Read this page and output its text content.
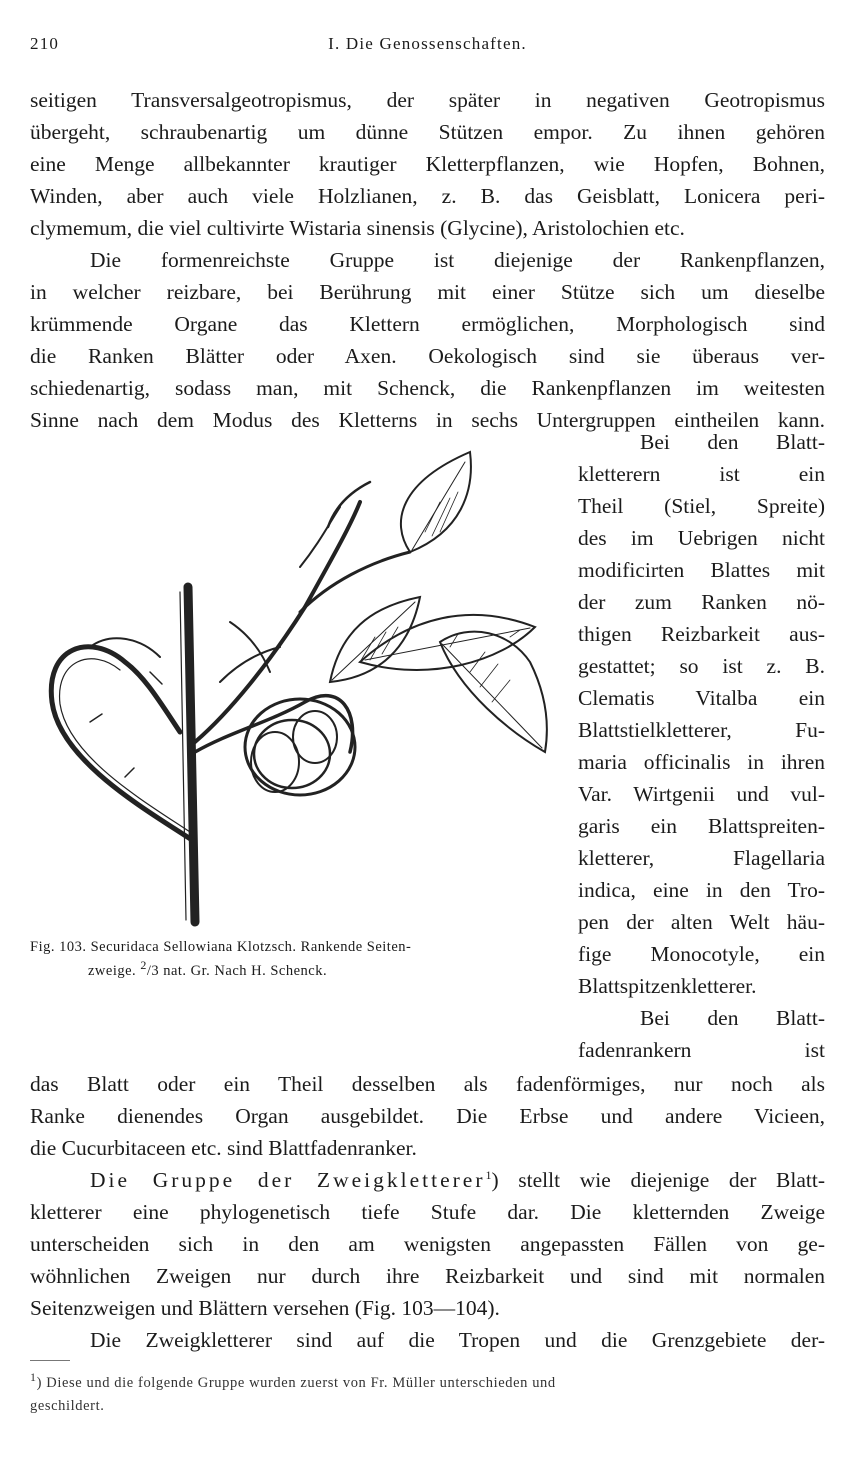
210	I. Die Genossenschaften.
seitigen Transversalgeotropismus, der später in negativen Geotropismus
übergeht, schraubenartig um dünne Stützen empor. Zu ihnen gehören
eine Menge allbekannter krautiger Kletterpflanzen, wie Hopfen, Bohnen,
Winden, aber auch viele Holzlianen, z. B. das Geisblatt, Lonicera peri-
clymemum, die viel cultivirte Wistaria sinensis (Glycine), Aristolochien etc.
Die formenreichste Gruppe ist diejenige der Rankenpflanzen,
in welcher reizbare, bei Berührung mit einer Stütze sich um dieselbe
krümmende Organe das Klettern ermöglichen, Morphologisch sind
die Ranken Blätter oder Axen. Oekologisch sind sie überaus ver-
schiedenartig, sodass man, mit Schenck, die Rankenpflanzen im weitesten
Sinne nach dem Modus des Kletterns in sechs Untergruppen eintheilen kann.
Bei den Blatt-
kletterern ist ein
Theil (Stiel, Spreite)
des im Uebrigen nicht
modificirten Blattes mit
der zum Ranken nö-
thigen Reizbarkeit aus-
gestattet; so ist z. B.
Clematis Vitalba ein
Blattstielkletterer, Fu-
maria officinalis in ihren
Var. Wirtgenii und vul-
garis ein Blattspreiten-
kletterer, Flagellaria
indica, eine in den Tro-
pen der alten Welt häu-
fige Monocotyle, ein
Blattspitzenkletterer.
Bei den Blatt-
fadenrankern ist
Fig. 103. Securidaca Sellowiana Klotzsch. Rankende Seiten-
zweige. $^2$/3 nat. Gr. Nach H. Schenck.
das Blatt oder ein Theil desselben als fadenförmiges, nur noch als
Ranke dienendes Organ ausgebildet. Die Erbse und andere Vicieen,
die Cucurbitaceen etc. sind Blattfadenranker.
Die Gruppe der Zweigkletterer$^1$) stellt wie diejenige der Blatt-
kletterer eine phylogenetisch tiefe Stufe dar. Die kletternden Zweige
unterscheiden sich in den am wenigsten angepassten Fällen von ge-
wöhnlichen Zweigen nur durch ihre Reizbarkeit und sind mit normalen
Seitenzweigen und Blättern versehen (Fig. 103—104).
Die Zweigkletterer sind auf die Tropen und die Grenzgebiete der-
$^1$) Diese und die folgende Gruppe wurden zuerst von Fr. Müller unterschieden und
geschildert.
